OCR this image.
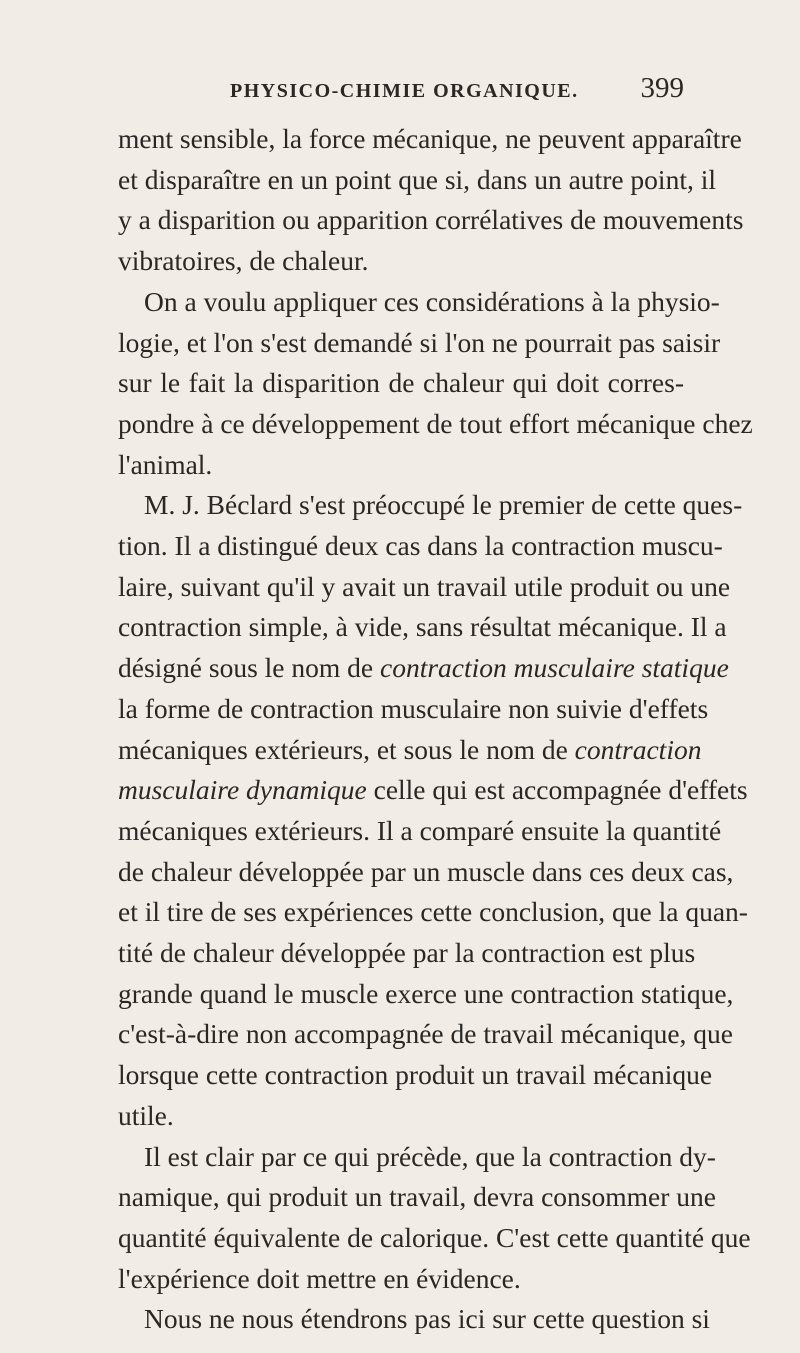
PHYSICO-CHIMIE ORGANIQUE. 399
ment sensible, la force mécanique, ne peuvent apparaître
et disparaître en un point que si, dans un autre point, il
y a disparition ou apparition corrélatives de mouvements
vibratoires, de chaleur.
On a voulu appliquer ces considérations à la physio-
logie, et l'on s'est demandé si l'on ne pourrait pas saisir
sur le fait la disparition de chaleur qui doit corres-
pondre à ce développement de tout effort mécanique chez
l'animal.
M. J. Béclard s'est préoccupé le premier de cette ques-
tion. Il a distingué deux cas dans la contraction muscu-
laire, suivant qu'il y avait un travail utile produit ou une
contraction simple, à vide, sans résultat mécanique. Il a
désigné sous le nom de contraction musculaire statique
la forme de contraction musculaire non suivie d'effets
mécaniques extérieurs, et sous le nom de contraction
musculaire dynamique celle qui est accompagnée d'effets
mécaniques extérieurs. Il a comparé ensuite la quantité
de chaleur développée par un muscle dans ces deux cas,
et il tire de ses expériences cette conclusion, que la quan-
tité de chaleur développée par la contraction est plus
grande quand le muscle exerce une contraction statique,
c'est-à-dire non accompagnée de travail mécanique, que
lorsque cette contraction produit un travail mécanique
utile.
Il est clair par ce qui précède, que la contraction dy-
namique, qui produit un travail, devra consommer une
quantité équivalente de calorique. C'est cette quantité que
l'expérience doit mettre en évidence.
Nous ne nous étendrons pas ici sur cette question si
